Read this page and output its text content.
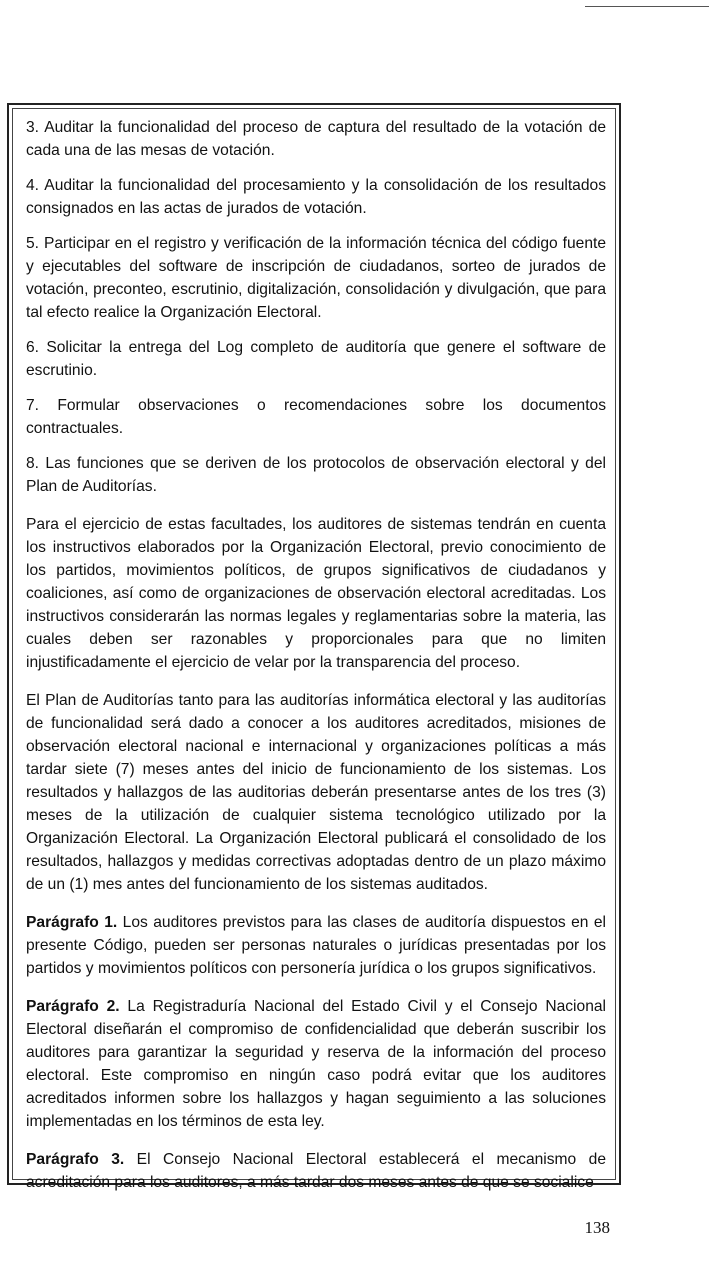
3. Auditar la funcionalidad del proceso de captura del resultado de la votación de cada una de las mesas de votación.

4. Auditar la funcionalidad del procesamiento y la consolidación de los resultados consignados en las actas de jurados de votación.

5. Participar en el registro y verificación de la información técnica del código fuente y ejecutables del software de inscripción de ciudadanos, sorteo de jurados de votación, preconteo, escrutinio, digitalización, consolidación y divulgación, que para tal efecto realice la Organización Electoral.

6. Solicitar la entrega del Log completo de auditoría que genere el software de escrutinio.

7. Formular observaciones o recomendaciones sobre los documentos contractuales.

8. Las funciones que se deriven de los protocolos de observación electoral y del Plan de Auditorías.

Para el ejercicio de estas facultades, los auditores de sistemas tendrán en cuenta los instructivos elaborados por la Organización Electoral, previo conocimiento de los partidos, movimientos políticos, de grupos significativos de ciudadanos y coaliciones, así como de organizaciones de observación electoral acreditadas. Los instructivos considerarán las normas legales y reglamentarias sobre la materia, las cuales deben ser razonables y proporcionales para que no limiten injustificadamente el ejercicio de velar por la transparencia del proceso.

El Plan de Auditorías tanto para las auditorías informática electoral y las auditorías de funcionalidad será dado a conocer a los auditores acreditados, misiones de observación electoral nacional e internacional y organizaciones políticas a más tardar siete (7) meses antes del inicio de funcionamiento de los sistemas. Los resultados y hallazgos de las auditorias deberán presentarse antes de los tres (3) meses de la utilización de cualquier sistema tecnológico utilizado por la Organización Electoral. La Organización Electoral publicará el consolidado de los resultados, hallazgos y medidas correctivas adoptadas dentro de un plazo máximo de un (1) mes antes del funcionamiento de los sistemas auditados.

Parágrafo 1. Los auditores previstos para las clases de auditoría dispuestos en el presente Código, pueden ser personas naturales o jurídicas presentadas por los partidos y movimientos políticos con personería jurídica o los grupos significativos.

Parágrafo 2. La Registraduría Nacional del Estado Civil y el Consejo Nacional Electoral diseñarán el compromiso de confidencialidad que deberán suscribir los auditores para garantizar la seguridad y reserva de la información del proceso electoral. Este compromiso en ningún caso podrá evitar que los auditores acreditados informen sobre los hallazgos y hagan seguimiento a las soluciones implementadas en los términos de esta ley.

Parágrafo 3. El Consejo Nacional Electoral establecerá el mecanismo de acreditación para los auditores, a más tardar dos meses antes de que se socialice

138
